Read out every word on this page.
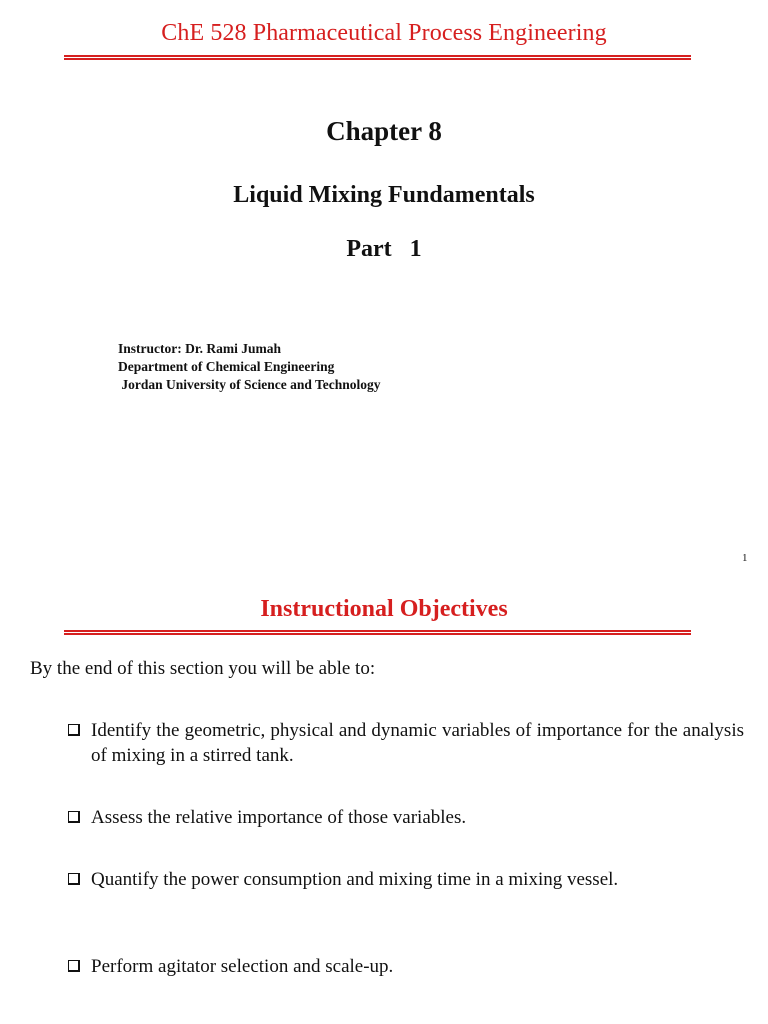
ChE 528 Pharmaceutical Process Engineering
Chapter 8
Liquid Mixing Fundamentals
Part   1
Instructor: Dr. Rami Jumah
Department of Chemical Engineering
Jordan University of Science and Technology
1
Instructional Objectives
By the end of this section you will be able to:
Identify the geometric, physical and dynamic variables of importance for the analysis of mixing in a stirred tank.
Assess the relative importance of those variables.
Quantify the power consumption and mixing time in a mixing vessel.
Perform agitator selection and scale-up.
